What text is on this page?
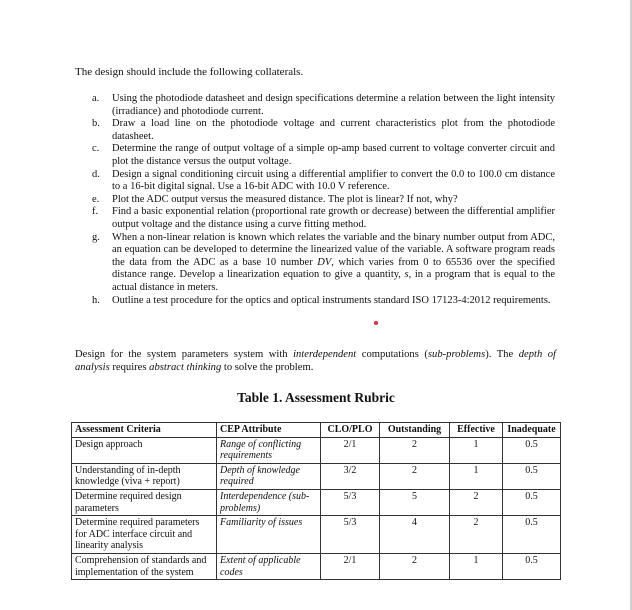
The design should include the following collaterals.

a. Using the photodiode datasheet and design specifications determine a relation between the light intensity (irradiance) and photodiode current.
b. Draw a load line on the photodiode voltage and current characteristics plot from the photodiode datasheet.
c. Determine the range of output voltage of a simple op-amp based current to voltage converter circuit and plot the distance versus the output voltage.
d. Design a signal conditioning circuit using a differential amplifier to convert the 0.0 to 100.0 cm distance to a 16-bit digital signal. Use a 16-bit ADC with 10.0 V reference.
e. Plot the ADC output versus the measured distance. The plot is linear? If not, why?
f. Find a basic exponential relation (proportional rate growth or decrease) between the differential amplifier output voltage and the distance using a curve fitting method.
g. When a non-linear relation is known which relates the variable and the binary number output from ADC, an equation can be developed to determine the linearized value of the variable. A software program reads the data from the ADC as a base 10 number DV, which varies from 0 to 65536 over the specified distance range. Develop a linearization equation to give a quantity, s, in a program that is equal to the actual distance in meters.
h. Outline a test procedure for the optics and optical instruments standard ISO 17123-4:2012 requirements.

Design for the system parameters system with interdependent computations (sub-problems). The depth of analysis requires abstract thinking to solve the problem.

Table 1. Assessment Rubric

Assessment Criteria	CEP Attribute	CLO/PLO	Outstanding	Effective	Inadequate
Design approach	Range of conflicting requirements	2/1	2	1	0.5
Understanding of in-depth knowledge (viva + report)	Depth of knowledge required	3/2	2	1	0.5
Determine required design parameters	Interdependence (sub-problems)	5/3	5	2	0.5
Determine required parameters for ADC interface circuit and linearity analysis	Familiarity of issues	5/3	4	2	0.5
Comprehension of standards and implementation of the system	Extent of applicable codes	2/1	2	1	0.5
